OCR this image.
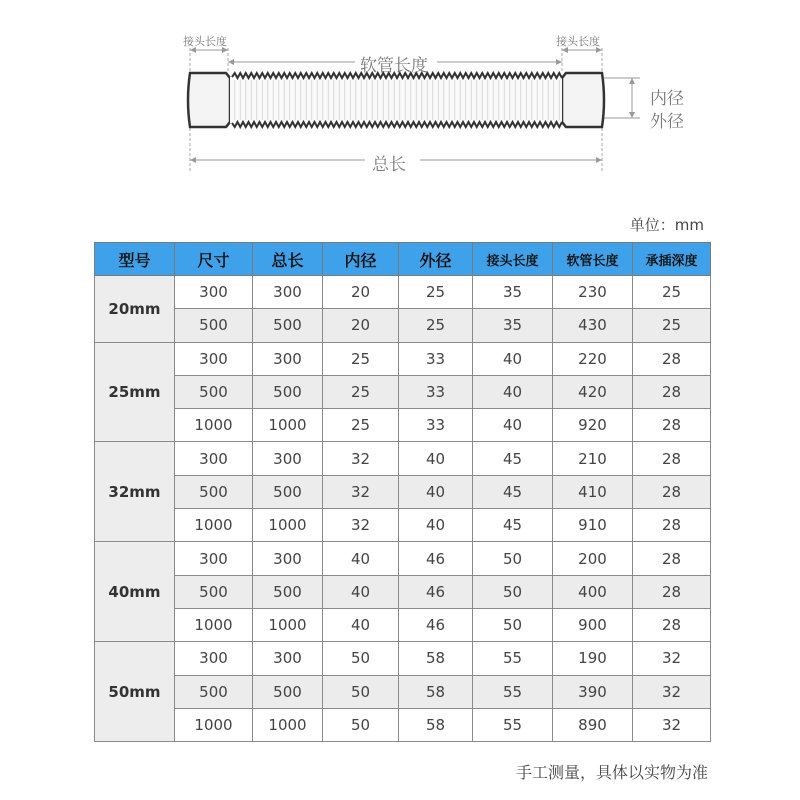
接头长度	接头长度
软管长度
内径
外径
总长
单位：mm
型号	尺寸	总长	内径	外径	接头长度	软管长度	承插深度
20mm	300	300	20	25	35	230	25
	500	500	20	25	35	430	25
25mm	300	300	25	33	40	220	28
	500	500	25	33	40	420	28
	1000	1000	25	33	40	920	28
32mm	300	300	32	40	45	210	28
	500	500	32	40	45	410	28
	1000	1000	32	40	45	910	28
40mm	300	300	40	46	50	200	28
	500	500	40	46	50	400	28
	1000	1000	40	46	50	900	28
50mm	300	300	50	58	55	190	32
	500	500	50	58	55	390	32
	1000	1000	50	58	55	890	32
手工测量，具体以实物为准
